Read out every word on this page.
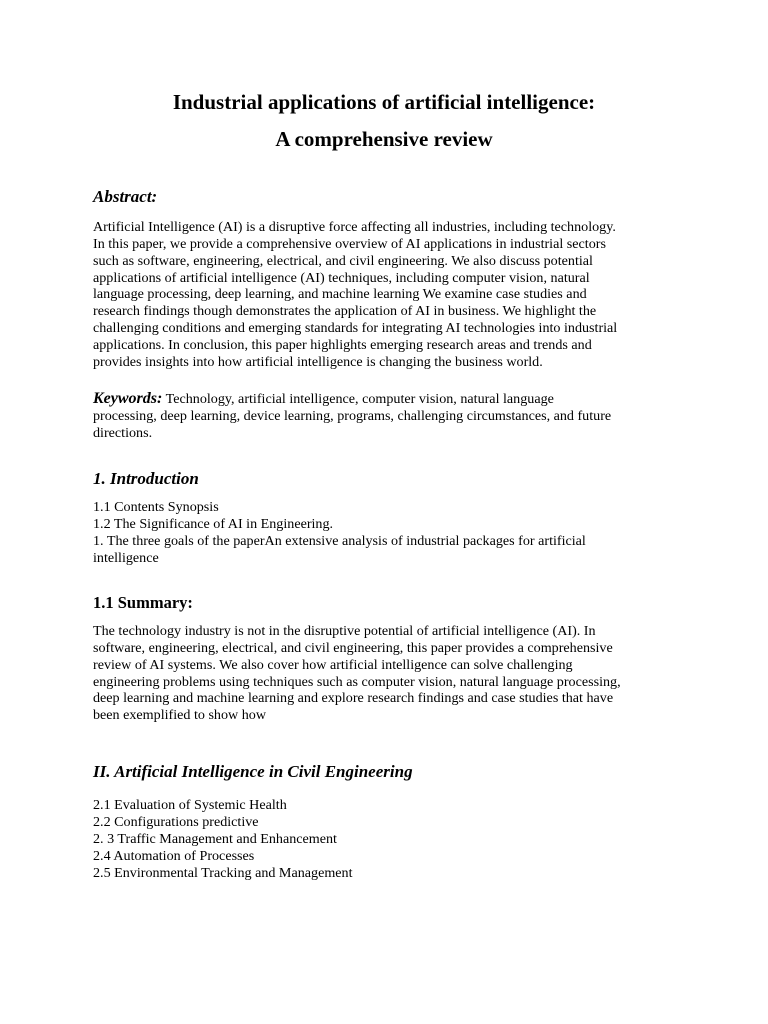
Industrial applications of artificial intelligence:
A comprehensive review
Abstract:

Artificial Intelligence (AI) is a disruptive force affecting all industries, including technology.
In this paper, we provide a comprehensive overview of AI applications in industrial sectors
such as software, engineering, electrical, and civil engineering. We also discuss potential
applications of artificial intelligence (AI) techniques, including computer vision, natural
language processing, deep learning, and machine learning We examine case studies and
research findings though demonstrates the application of AI in business. We highlight the
challenging conditions and emerging standards for integrating AI technologies into industrial
applications. In conclusion, this paper highlights emerging research areas and trends and
provides insights into how artificial intelligence is changing the business world.

Keywords: Technology, artificial intelligence, computer vision, natural language
processing, deep learning, device learning, programs, challenging circumstances, and future
directions.

1. Introduction
1.1 Contents Synopsis
1.2 The Significance of AI in Engineering.
1. The three goals of the paperAn extensive analysis of industrial packages for artificial
intelligence
1.1 Summary:

The technology industry is not in the disruptive potential of artificial intelligence (AI). In
software, engineering, electrical, and civil engineering, this paper provides a comprehensive
review of AI systems. We also cover how artificial intelligence can solve challenging
engineering problems using techniques such as computer vision, natural language processing,
deep learning and machine learning and explore research findings and case studies that have
been exemplified to show how

II. Artificial Intelligence in Civil Engineering
2.1 Evaluation of Systemic Health
2.2 Configurations predictive
2. 3 Traffic Management and Enhancement
2.4 Automation of Processes
2.5 Environmental Tracking and Management
